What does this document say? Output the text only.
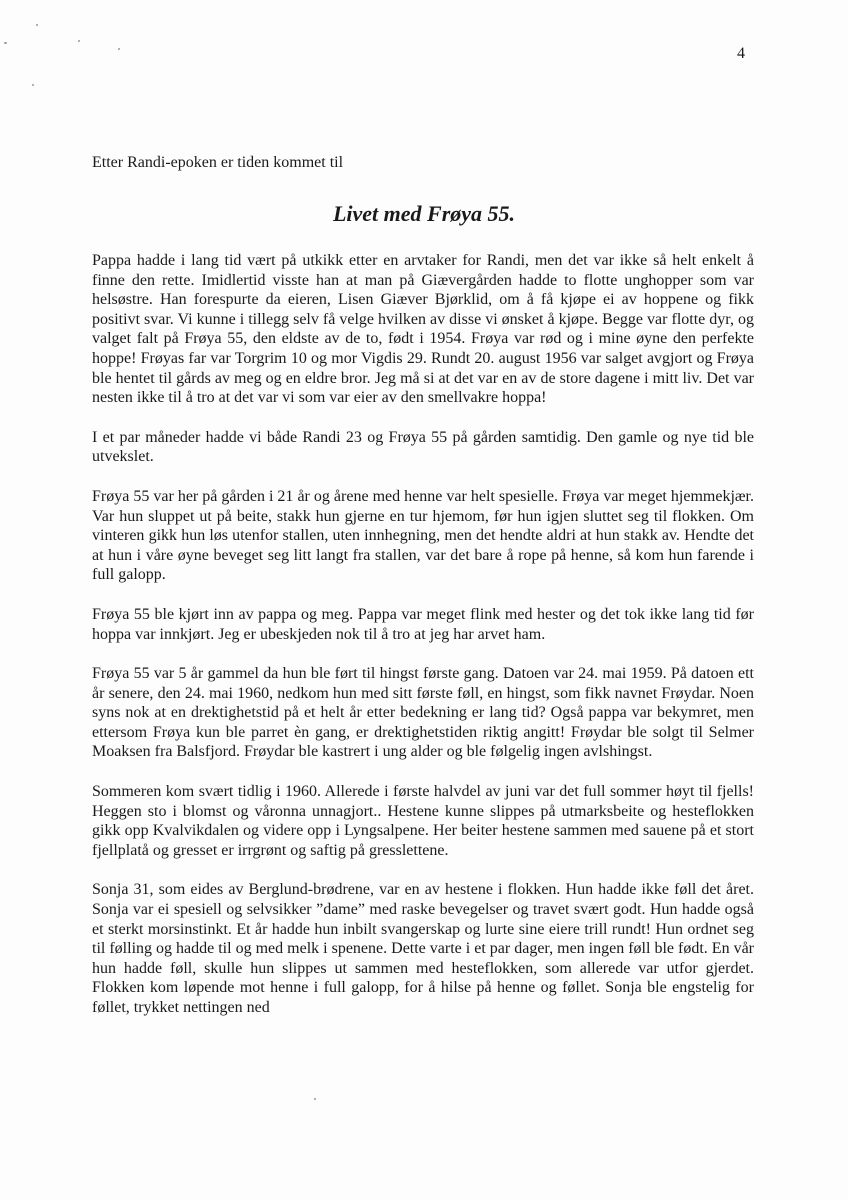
4

Etter Randi-epoken er tiden kommet til

Livet med Frøya 55.

Pappa hadde i lang tid vært på utkikk etter en arvtaker for Randi, men det var ikke så helt enkelt å finne den rette. Imidlertid visste han at man på Giævergården hadde to flotte unghopper som var helsøstre. Han forespurte da eieren, Lisen Giæver Bjørklid, om å få kjøpe ei av hoppene og fikk positivt svar. Vi kunne i tillegg selv få velge hvilken av disse vi ønsket å kjøpe. Begge var flotte dyr, og valget falt på Frøya 55, den eldste av de to, født i 1954. Frøya var rød og i mine øyne den perfekte hoppe! Frøyas far var Torgrim 10 og mor Vigdis 29. Rundt 20. august 1956 var salget avgjort og Frøya ble hentet til gårds av meg og en eldre bror. Jeg må si at det var en av de store dagene i mitt liv. Det var nesten ikke til å tro at det var vi som var eier av den smellvakre hoppa!

I et par måneder hadde vi både Randi 23 og Frøya 55 på gården samtidig. Den gamle og nye tid ble utvekslet.

Frøya 55 var her på gården i 21 år og årene med henne var helt spesielle. Frøya var meget hjemmekjær. Var hun sluppet ut på beite, stakk hun gjerne en tur hjemom, før hun igjen sluttet seg til flokken. Om vinteren gikk hun løs utenfor stallen, uten innhegning, men det hendte aldri at hun stakk av. Hendte det at hun i våre øyne beveget seg litt langt fra stallen, var det bare å rope på henne, så kom hun farende i full galopp.

Frøya 55 ble kjørt inn av pappa og meg. Pappa var meget flink med hester og det tok ikke lang tid før hoppa var innkjørt. Jeg er ubeskjeden nok til å tro at jeg har arvet ham.

Frøya 55 var 5 år gammel da hun ble ført til hingst første gang. Datoen var 24. mai 1959. På datoen ett år senere, den 24. mai 1960, nedkom hun med sitt første føll, en hingst, som fikk navnet Frøydar. Noen syns nok at en drektighetstid på et helt år etter bedekning er lang tid? Også pappa var bekymret, men ettersom Frøya kun ble parret èn gang, er drektighetstiden riktig angitt! Frøydar ble solgt til Selmer Moaksen fra Balsfjord. Frøydar ble kastrert i ung alder og ble følgelig ingen avlshingst.

Sommeren kom svært tidlig i 1960. Allerede i første halvdel av juni var det full sommer høyt til fjells! Heggen sto i blomst og våronna unnagjort.. Hestene kunne slippes på utmarksbeite og hesteflokken gikk opp Kvalvikdalen og videre opp i Lyngsalpene. Her beiter hestene sammen med sauene på et stort fjellplatå og gresset er irrgrønt og saftig på gresslettene.

Sonja 31, som eides av Berglund-brødrene, var en av hestene i flokken. Hun hadde ikke føll det året. Sonja var ei spesiell og selvsikker ”dame” med raske bevegelser og travet svært godt. Hun hadde også et sterkt morsinstinkt. Et år hadde hun inbilt svangerskap og lurte sine eiere trill rundt! Hun ordnet seg til følling og hadde til og med melk i spenene. Dette varte i et par dager, men ingen føll ble født. En vår hun hadde føll, skulle hun slippes ut sammen med hesteflokken, som allerede var utfor gjerdet. Flokken kom løpende mot henne i full galopp, for å hilse på henne og føllet. Sonja ble engstelig for føllet, trykket nettingen ned
